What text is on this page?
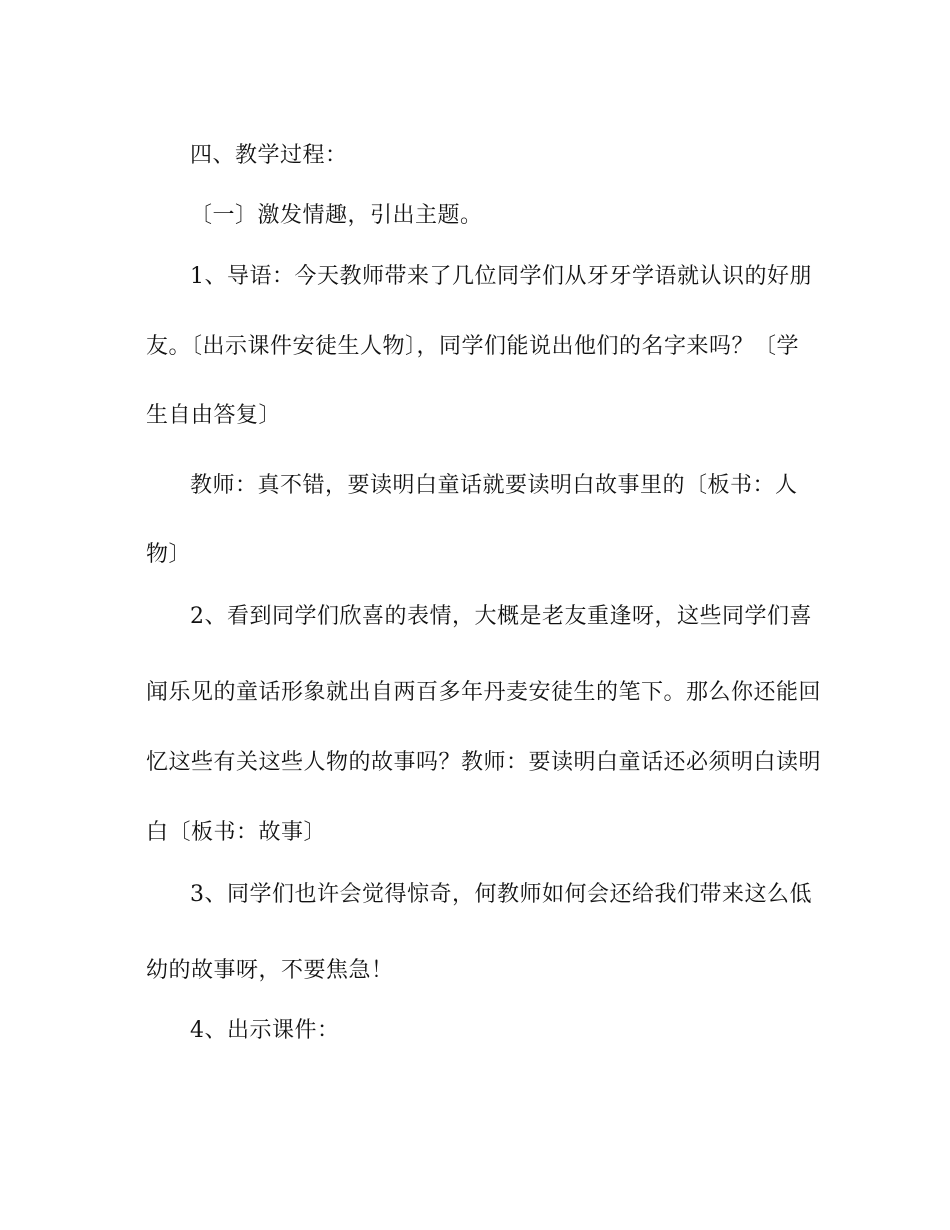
四、教学过程：
〔一〕激发情趣，引出主题。
1、导语：今天教师带来了几位同学们从牙牙学语就认识的好朋
友。〔出示课件安徒生人物〕，同学们能说出他们的名字来吗？〔学
生自由答复〕
教师：真不错，要读明白童话就要读明白故事里的〔板书：人
物〕
2、看到同学们欣喜的表情，大概是老友重逢呀，这些同学们喜
闻乐见的童话形象就出自两百多年丹麦安徒生的笔下。那么你还能回
忆这些有关这些人物的故事吗？教师：要读明白童话还必须明白读明
白〔板书：故事〕
3、同学们也许会觉得惊奇，何教师如何会还给我们带来这么低
幼的故事呀，不要焦急！
4、出示课件：
